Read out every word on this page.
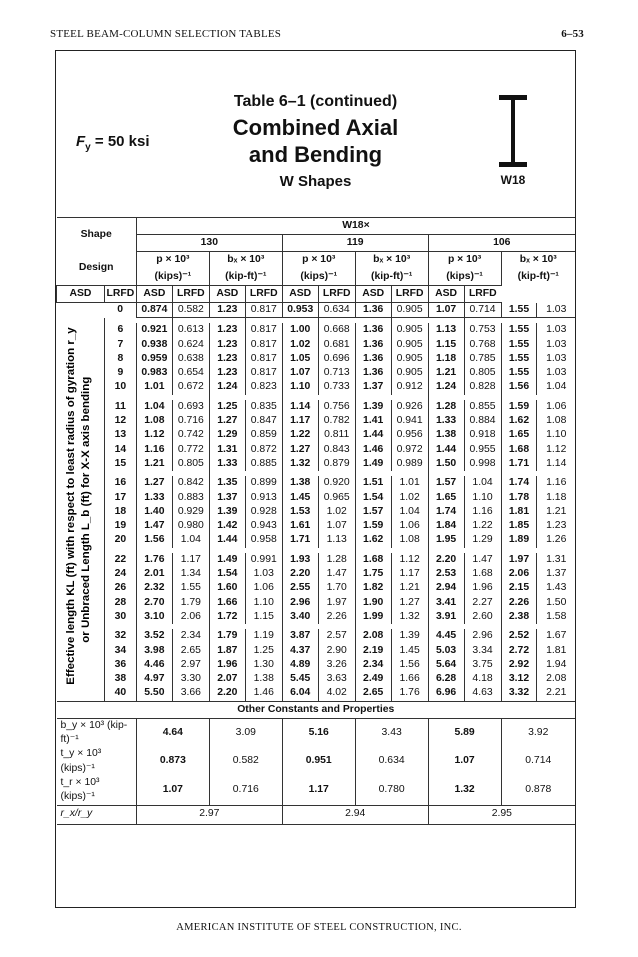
STEEL BEAM-COLUMN SELECTION TABLES	6–53
$F_y = 50$ ksi
Table 6–1 (continued)
Combined Axial
and Bending
W Shapes	W18
Shape		W18×											
		130				119				106			
Design		p × 10³		bₓ × 10³		p × 10³		bₓ × 10³		p × 10³		bₓ × 10³	
		(kips)⁻¹		(kip-ft)⁻¹		(kips)⁻¹		(kip-ft)⁻¹		(kips)⁻¹		(kip-ft)⁻¹	
ASD	LRFD	ASD	LRFD	ASD	LRFD	ASD	LRFD	ASD	LRFD	ASD	LRFD		
	0	0.874	0.582	1.23	0.817	0.953	0.634	1.36	0.905	1.07	0.714	1.55	1.03

Effective length KL (ft) with respect to least radius of gyration r_y or Unbraced Length L_b (ft) for X-X axis bending	6	0.921	0.613	1.23	0.817	1.00	0.668	1.36	0.905	1.13	0.753	1.55	1.03
	7	0.938	0.624	1.23	0.817	1.02	0.681	1.36	0.905	1.15	0.768	1.55	1.03
	8	0.959	0.638	1.23	0.817	1.05	0.696	1.36	0.905	1.18	0.785	1.55	1.03
	9	0.983	0.654	1.23	0.817	1.07	0.713	1.36	0.905	1.21	0.805	1.55	1.03
	10	1.01	0.672	1.24	0.823	1.10	0.733	1.37	0.912	1.24	0.828	1.56	1.04

	11	1.04	0.693	1.25	0.835	1.14	0.756	1.39	0.926	1.28	0.855	1.59	1.06
	12	1.08	0.716	1.27	0.847	1.17	0.782	1.41	0.941	1.33	0.884	1.62	1.08
	13	1.12	0.742	1.29	0.859	1.22	0.811	1.44	0.956	1.38	0.918	1.65	1.10
	14	1.16	0.772	1.31	0.872	1.27	0.843	1.46	0.972	1.44	0.955	1.68	1.12
	15	1.21	0.805	1.33	0.885	1.32	0.879	1.49	0.989	1.50	0.998	1.71	1.14

	16	1.27	0.842	1.35	0.899	1.38	0.920	1.51	1.01	1.57	1.04	1.74	1.16
	17	1.33	0.883	1.37	0.913	1.45	0.965	1.54	1.02	1.65	1.10	1.78	1.18
	18	1.40	0.929	1.39	0.928	1.53	1.02	1.57	1.04	1.74	1.16	1.81	1.21
	19	1.47	0.980	1.42	0.943	1.61	1.07	1.59	1.06	1.84	1.22	1.85	1.23
	20	1.56	1.04	1.44	0.958	1.71	1.13	1.62	1.08	1.95	1.29	1.89	1.26

	22	1.76	1.17	1.49	0.991	1.93	1.28	1.68	1.12	2.20	1.47	1.97	1.31
	24	2.01	1.34	1.54	1.03	2.20	1.47	1.75	1.17	2.53	1.68	2.06	1.37
	26	2.32	1.55	1.60	1.06	2.55	1.70	1.82	1.21	2.94	1.96	2.15	1.43
	28	2.70	1.79	1.66	1.10	2.96	1.97	1.90	1.27	3.41	2.27	2.26	1.50
	30	3.10	2.06	1.72	1.15	3.40	2.26	1.99	1.32	3.91	2.60	2.38	1.58

	32	3.52	2.34	1.79	1.19	3.87	2.57	2.08	1.39	4.45	2.96	2.52	1.67
	34	3.98	2.65	1.87	1.25	4.37	2.90	2.19	1.45	5.03	3.34	2.72	1.81
	36	4.46	2.97	1.96	1.30	4.89	3.26	2.34	1.56	5.64	3.75	2.92	1.94
	38	4.97	3.30	2.07	1.38	5.45	3.63	2.49	1.66	6.28	4.18	3.12	2.08
	40	5.50	3.66	2.20	1.46	6.04	4.02	2.65	1.76	6.96	4.63	3.32	2.21
Other Constants and Properties													
b_y × 10³ (kip-ft)⁻¹		4.64		3.09		5.16		3.43		5.89		3.92	
t_y × 10³ (kips)⁻¹		0.873		0.582		0.951		0.634		1.07		0.714	
t_r × 10³ (kips)⁻¹		1.07		0.716		1.17		0.780		1.32		0.878	
r_x/r_y		2.97				2.94				2.95			
AMERICAN INSTITUTE OF STEEL CONSTRUCTION, INC.
